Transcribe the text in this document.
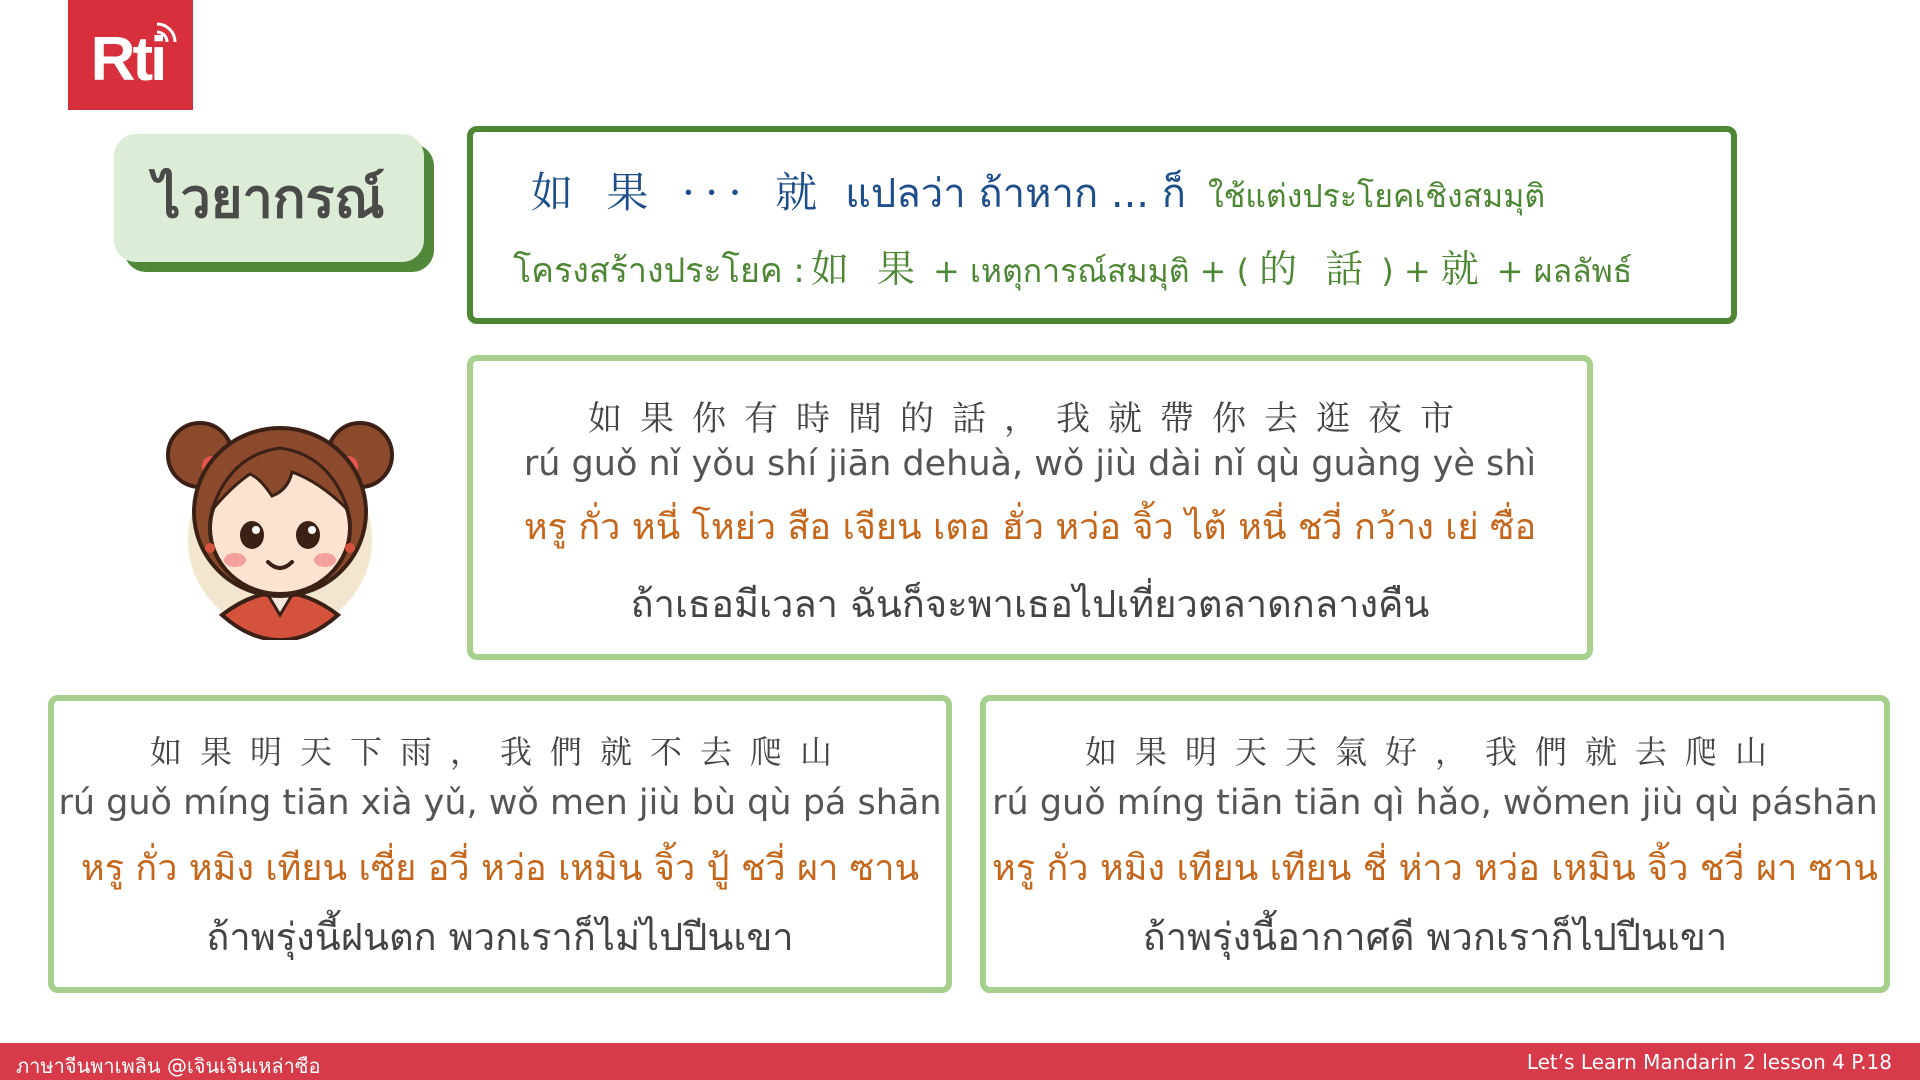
Rti
ไวยากรณ์	如 果 ··· 就 แปลว่า ถ้าหาก ... ก็ ใช้แต่งประโยคเชิงสมมุติ
โครงสร้างประโยค : 如 果 + เหตุการณ์สมมุติ + ( 的 話 ) + 就 + ผลลัพธ์
如果你有時間的話，我就帶你去逛夜市
rú guǒ nǐ yǒu shí jiān dehuà, wǒ jiù dài nǐ qù guàng yè shì
หรู กั่ว หนี่ โหย่ว สือ เจียน เตอ ฮั่ว หว่อ จิ้ว ไต้ หนี่ ชวี่ กว้าง เย่ ซื่อ
ถ้าเธอมีเวลา ฉันก็จะพาเธอไปเที่ยวตลาดกลางคืน
如果明天下雨，我們就不去爬山
rú guǒ míng tiān xià yǔ, wǒ men jiù bù qù pá shān
หรู กั่ว หมิง เทียน เซี่ย อวี่ หว่อ เหมิน จิ้ว ปู้ ชวี่ ผา ซาน
ถ้าพรุ่งนี้ฝนตก พวกเราก็ไม่ไปปีนเขา
如果明天天氣好，我們就去爬山
rú guǒ míng tiān tiān qì hǎo, wǒmen jiù qù páshān
หรู กั่ว หมิง เทียน เทียน ชี่ ห่าว หว่อ เหมิน จิ้ว ชวี่ ผา ซาน
ถ้าพรุ่งนี้อากาศดี พวกเราก็ไปปีนเขา
ภาษาจีนพาเพลิน @เจินเจินเหล่าซือ	Let’s Learn Mandarin 2 lesson 4 P.18
